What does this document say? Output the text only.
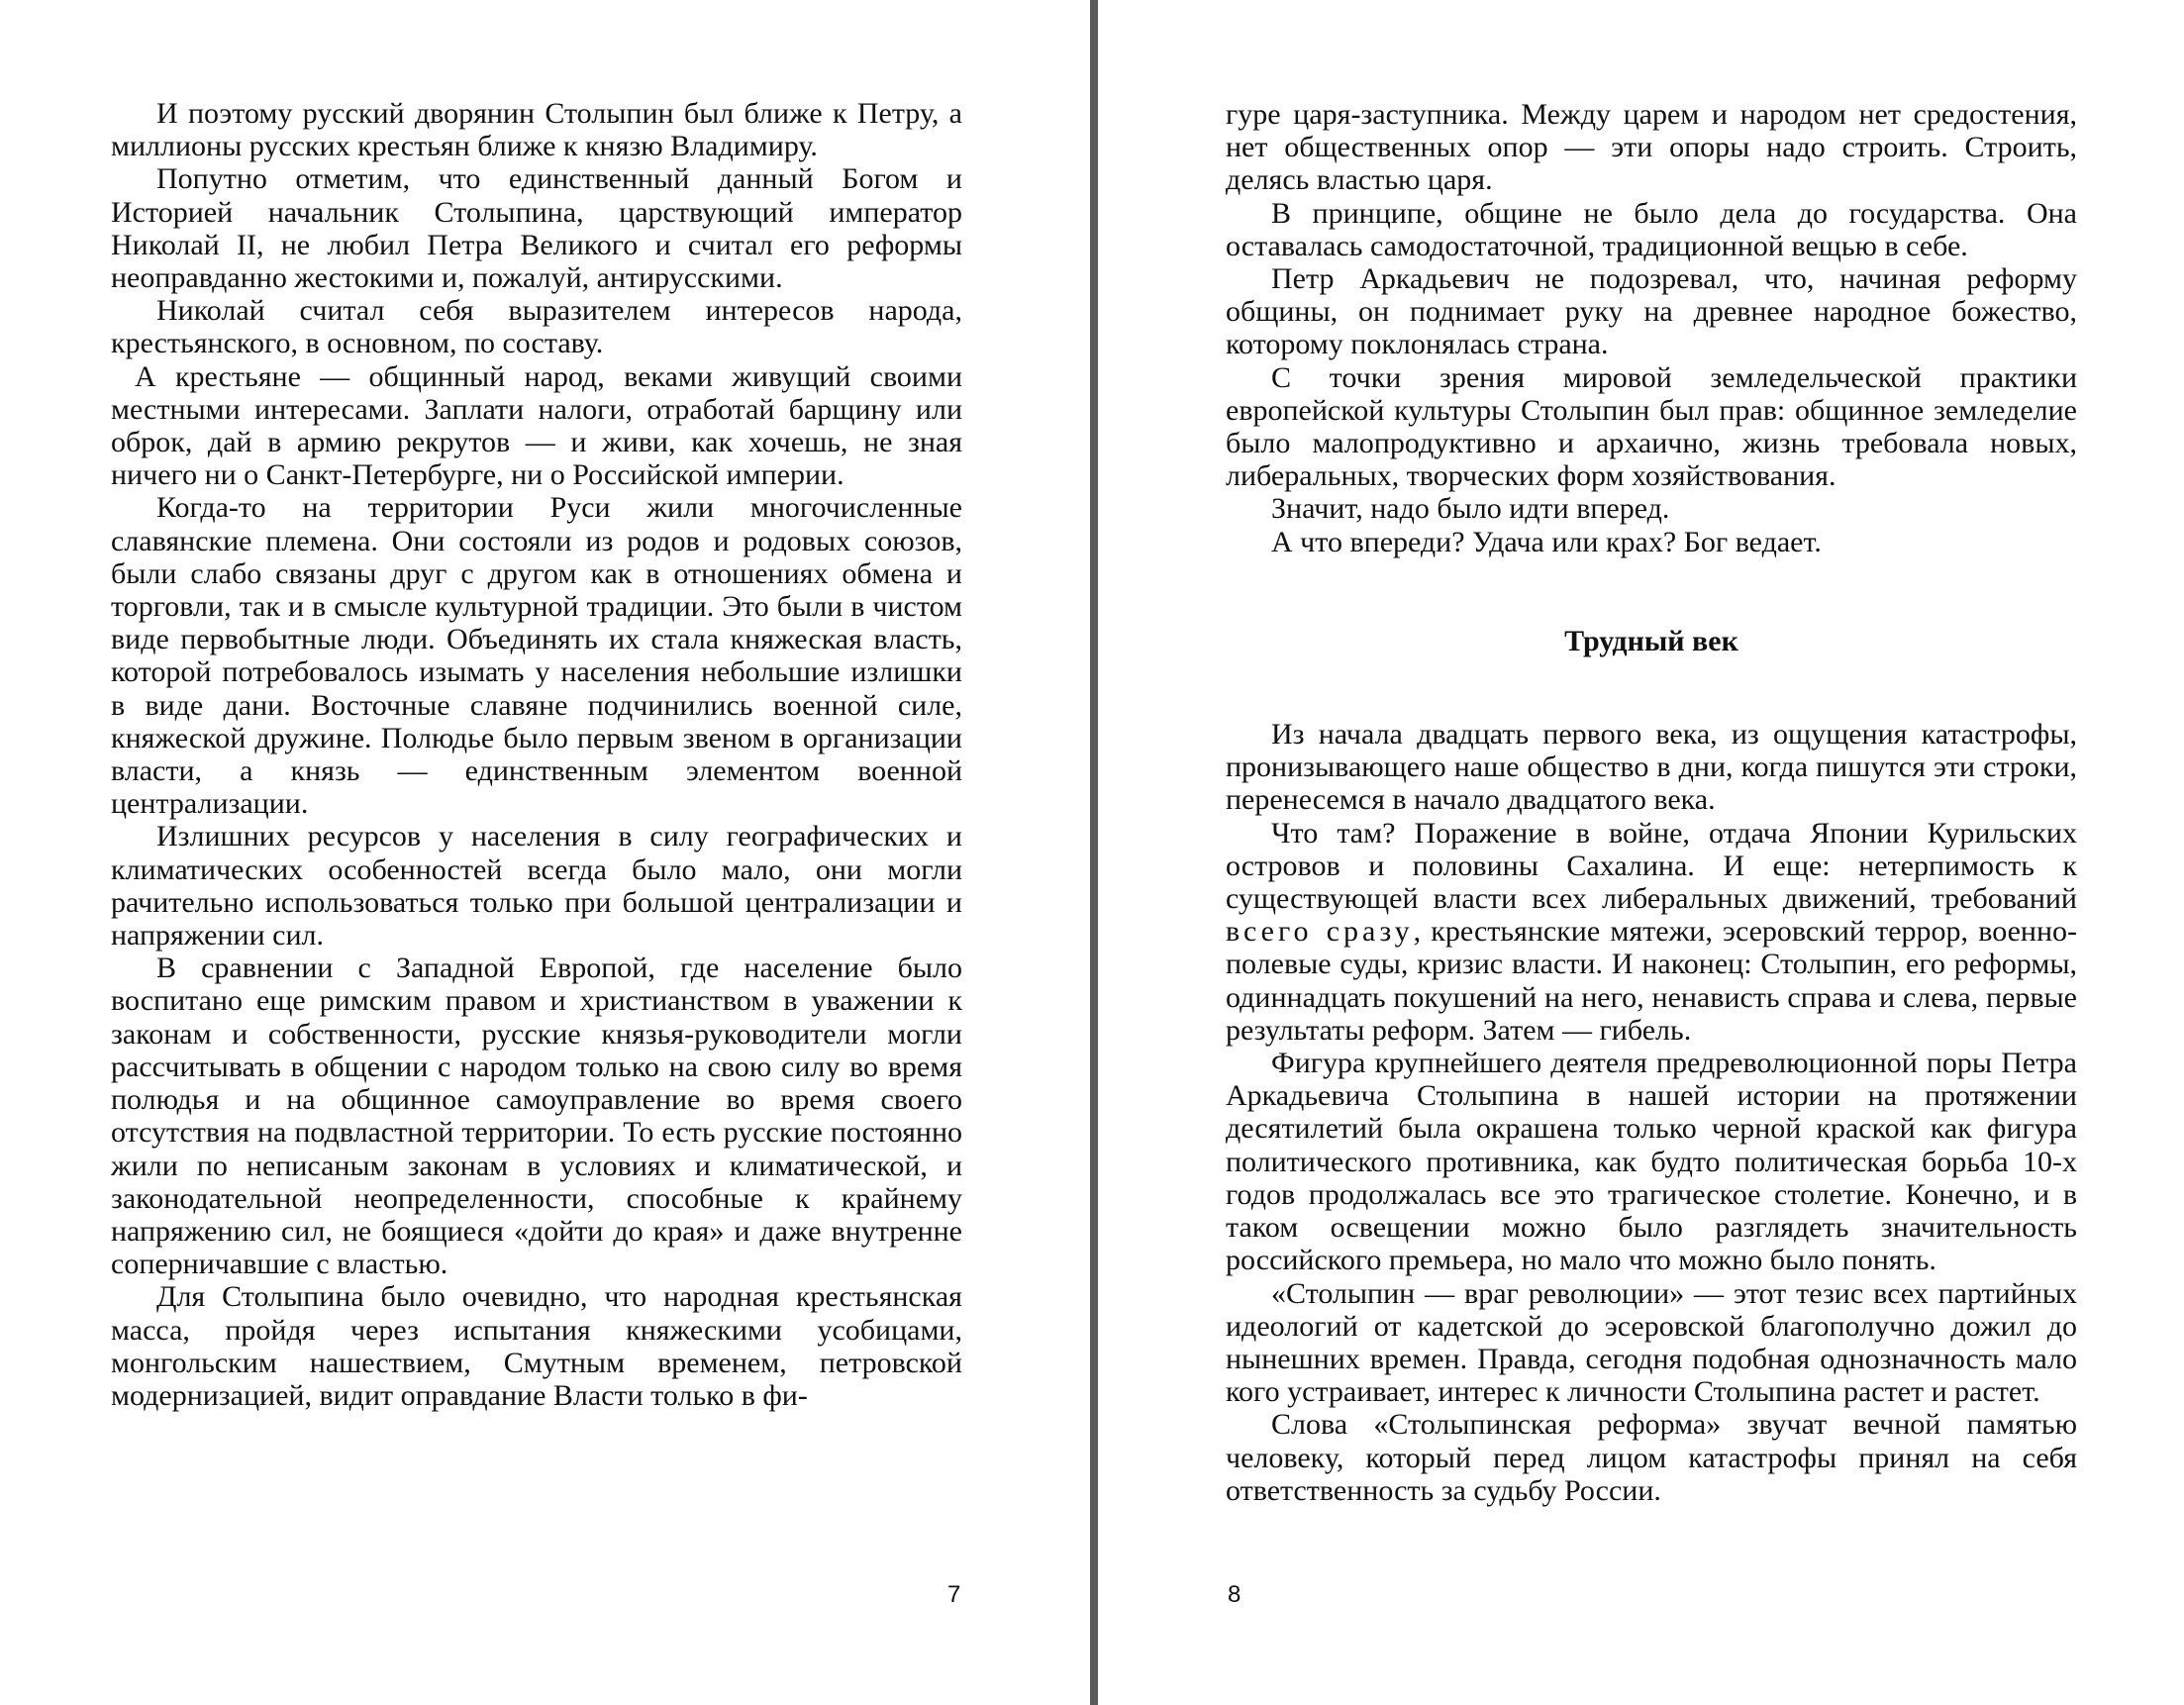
И поэтому русский дворянин Столыпин был ближе к Петру, а миллионы русских крестьян ближе к князю Владимиру.

Попутно отметим, что единственный данный Богом и Историей начальник Столыпина, царствующий император Николай II, не любил Петра Великого и считал его реформы неоправданно жестокими и, пожалуй, антирусскими.

Николай считал себя выразителем интересов народа, крестьянского, в основном, по составу.

А крестьяне — общинный народ, веками живущий своими местными интересами. Заплати налоги, отработай барщину или оброк, дай в армию рекрутов — и живи, как хочешь, не зная ничего ни о Санкт-Петербурге, ни о Российской империи.

Когда-то на территории Руси жили многочисленные славянские племена. Они состояли из родов и родовых союзов, были слабо связаны друг с другом как в отношениях обмена и торговли, так и в смысле культурной традиции. Это были в чистом виде первобытные люди. Объединять их стала княжеская власть, которой потребовалось изымать у населения небольшие излишки в виде дани. Восточные славяне подчинились военной силе, княжеской дружине. Полюдье было первым звеном в организации власти, а князь — единственным элементом военной централизации.

Излишних ресурсов у населения в силу географических и климатических особенностей всегда было мало, они могли рачительно использоваться только при большой централизации и напряжении сил.

В сравнении с Западной Европой, где население было воспитано еще римским правом и христианством в уважении к законам и собственности, русские князья-руководители могли рассчитывать в общении с народом только на свою силу во время полюдья и на общинное самоуправление во время своего отсутствия на подвластной территории. То есть русские постоянно жили по неписаным законам в условиях и климатической, и законодательной неопределенности, способные к крайнему напряжению сил, не боящиеся «дойти до края» и даже внутренне соперничавшие с властью.

Для Столыпина было очевидно, что народная крестьянская масса, пройдя через испытания княжескими усобицами, монгольским нашествием, Смутным временем, петровской модернизацией, видит оправдание Власти только в фи-

7

гуре царя-заступника. Между царем и народом нет средостения, нет общественных опор — эти опоры надо строить. Строить, делясь властью царя.

В принципе, общине не было дела до государства. Она оставалась самодостаточной, традиционной вещью в себе.

Петр Аркадьевич не подозревал, что, начиная реформу общины, он поднимает руку на древнее народное божество, которому поклонялась страна.

С точки зрения мировой земледельческой практики европейской культуры Столыпин был прав: общинное земледелие было малопродуктивно и архаично, жизнь требовала новых, либеральных, творческих форм хозяйствования.

Значит, надо было идти вперед.

А что впереди? Удача или крах? Бог ведает.

Трудный век

Из начала двадцать первого века, из ощущения катастрофы, пронизывающего наше общество в дни, когда пишутся эти строки, перенесемся в начало двадцатого века.

Что там? Поражение в войне, отдача Японии Курильских островов и половины Сахалина. И еще: нетерпимость к существующей власти всех либеральных движений, требований всего сразу, крестьянские мятежи, эсеровский террор, военно-полевые суды, кризис власти. И наконец: Столыпин, его реформы, одиннадцать покушений на него, ненависть справа и слева, первые результаты реформ. Затем — гибель.

Фигура крупнейшего деятеля предреволюционной поры Петра Аркадьевича Столыпина в нашей истории на протяжении десятилетий была окрашена только черной краской как фигура политического противника, как будто политическая борьба 10-х годов продолжалась все это трагическое столетие. Конечно, и в таком освещении можно было разглядеть значительность российского премьера, но мало что можно было понять.

«Столыпин — враг революции» — этот тезис всех партийных идеологий от кадетской до эсеровской благополучно дожил до нынешних времен. Правда, сегодня подобная однозначность мало кого устраивает, интерес к личности Столыпина растет и растет.

Слова «Столыпинская реформа» звучат вечной памятью человеку, который перед лицом катастрофы принял на себя ответственность за судьбу России.

8
